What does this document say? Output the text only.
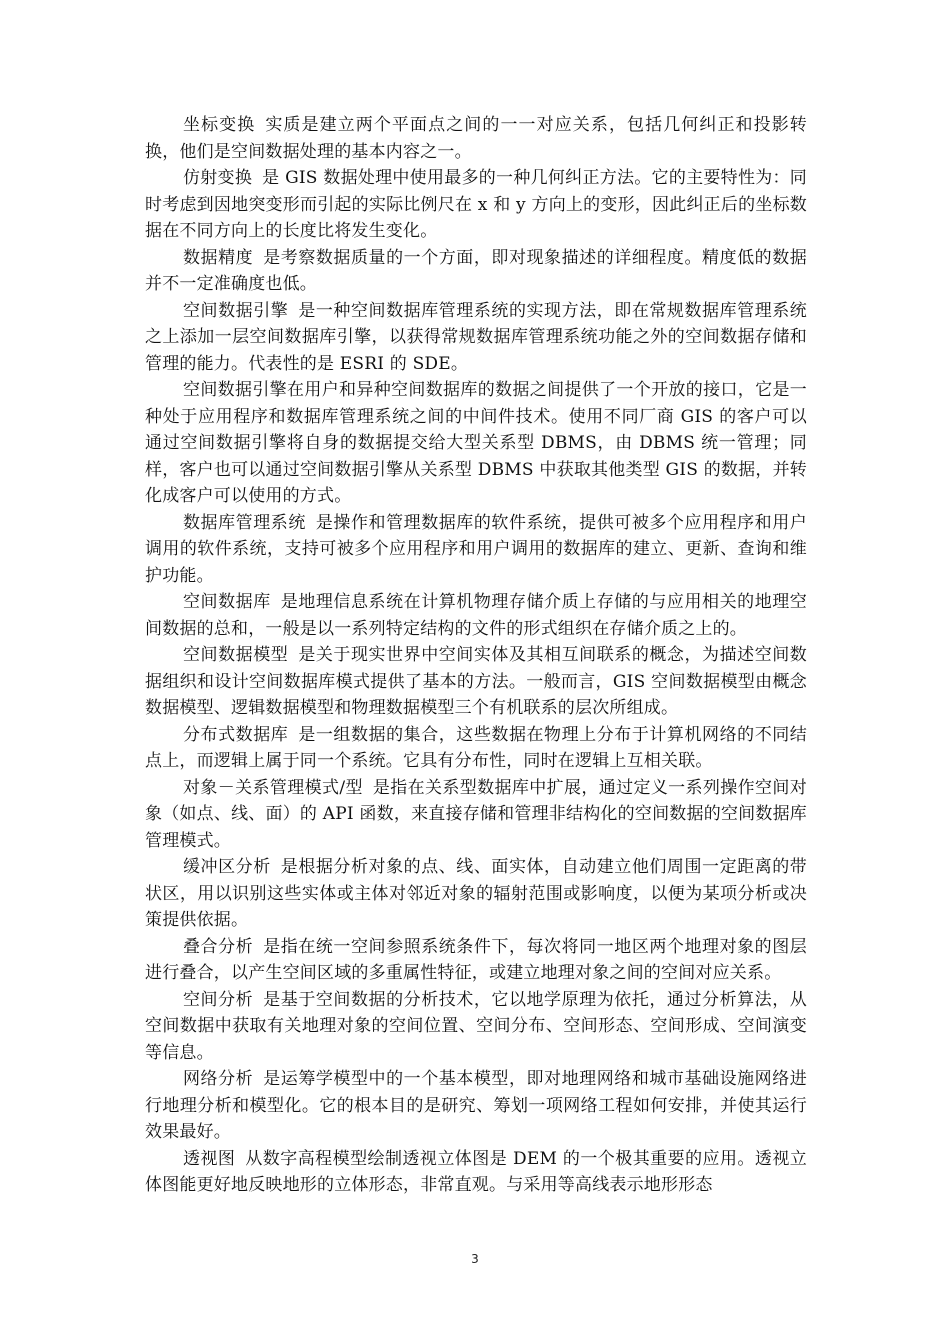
坐标变换 实质是建立两个平面点之间的一一对应关系，包括几何纠正和投影转换，他们是空间数据处理的基本内容之一。

仿射变换 是 GIS 数据处理中使用最多的一种几何纠正方法。它的主要特性为：同时考虑到因地突变形而引起的实际比例尺在 x 和 y 方向上的变形，因此纠正后的坐标数据在不同方向上的长度比将发生变化。

数据精度 是考察数据质量的一个方面，即对现象描述的详细程度。精度低的数据并不一定准确度也低。

空间数据引擎 是一种空间数据库管理系统的实现方法，即在常规数据库管理系统之上添加一层空间数据库引擎，以获得常规数据库管理系统功能之外的空间数据存储和管理的能力。代表性的是 ESRI 的 SDE。

空间数据引擎在用户和异种空间数据库的数据之间提供了一个开放的接口，它是一种处于应用程序和数据库管理系统之间的中间件技术。使用不同厂商 GIS 的客户可以通过空间数据引擎将自身的数据提交给大型关系型 DBMS，由 DBMS 统一管理；同样，客户也可以通过空间数据引擎从关系型 DBMS 中获取其他类型 GIS 的数据，并转化成客户可以使用的方式。

数据库管理系统 是操作和管理数据库的软件系统，提供可被多个应用程序和用户调用的软件系统，支持可被多个应用程序和用户调用的数据库的建立、更新、查询和维护功能。

空间数据库 是地理信息系统在计算机物理存储介质上存储的与应用相关的地理空间数据的总和，一般是以一系列特定结构的文件的形式组织在存储介质之上的。

空间数据模型 是关于现实世界中空间实体及其相互间联系的概念，为描述空间数据组织和设计空间数据库模式提供了基本的方法。一般而言，GIS 空间数据模型由概念数据模型、逻辑数据模型和物理数据模型三个有机联系的层次所组成。

分布式数据库 是一组数据的集合，这些数据在物理上分布于计算机网络的不同结点上，而逻辑上属于同一个系统。它具有分布性，同时在逻辑上互相关联。

对象－关系管理模式/型 是指在关系型数据库中扩展，通过定义一系列操作空间对象（如点、线、面）的 API 函数，来直接存储和管理非结构化的空间数据的空间数据库管理模式。

缓冲区分析 是根据分析对象的点、线、面实体，自动建立他们周围一定距离的带状区，用以识别这些实体或主体对邻近对象的辐射范围或影响度，以便为某项分析或决策提供依据。

叠合分析 是指在统一空间参照系统条件下，每次将同一地区两个地理对象的图层进行叠合，以产生空间区域的多重属性特征，或建立地理对象之间的空间对应关系。

空间分析 是基于空间数据的分析技术，它以地学原理为依托，通过分析算法，从空间数据中获取有关地理对象的空间位置、空间分布、空间形态、空间形成、空间演变等信息。

网络分析 是运筹学模型中的一个基本模型，即对地理网络和城市基础设施网络进行地理分析和模型化。它的根本目的是研究、筹划一项网络工程如何安排，并使其运行效果最好。

透视图 从数字高程模型绘制透视立体图是 DEM 的一个极其重要的应用。透视立体图能更好地反映地形的立体形态，非常直观。与采用等高线表示地形形态

3
